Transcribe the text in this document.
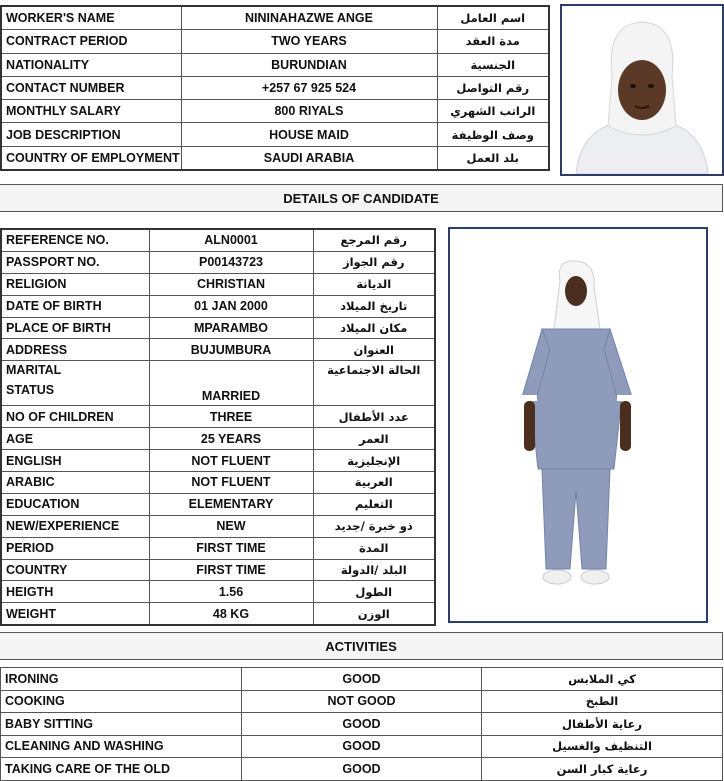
WORKER'S NAME	NININAHAZWE ANGE	اسم العامل
CONTRACT PERIOD	TWO YEARS	مدة العقد
NATIONALITY	BURUNDIAN	الجنسية
CONTACT NUMBER	+257 67 925 524	رقم التواصل
MONTHLY SALARY	800 RIYALS	الراتب الشهري
JOB DESCRIPTION	HOUSE MAID	وصف الوظيفة
COUNTRY OF EMPLOYMENT	SAUDI ARABIA	بلد العمل
DETAILS OF CANDIDATE
REFERENCE NO.	ALN0001	رقم المرجع
PASSPORT NO.	P00143723	رقم الجواز
RELIGION	CHRISTIAN	الديانة
DATE OF BIRTH	01 JAN 2000	تاريخ الميلاد
PLACE OF BIRTH	MPARAMBO	مكان الميلاد
ADDRESS	BUJUMBURA	العنوان

MARITAL
STATUS	MARRIED	الحالة الاجتماعية
NO OF CHILDREN	THREE	عدد الأطفال
AGE	25 YEARS	العمر
ENGLISH	NOT FLUENT	الإنجليزية
ARABIC	NOT FLUENT	العربية
EDUCATION	ELEMENTARY	التعليم
NEW/EXPERIENCE	NEW	ذو خبرة /جديد
PERIOD	FIRST TIME	المدة
COUNTRY	FIRST TIME	البلد /الدولة
HEIGTH	1.56	الطول
WEIGHT	48 KG	الوزن
ACTIVITIES
IRONING	GOOD	كي الملابس
COOKING	NOT GOOD	الطبخ
BABY SITTING	GOOD	رعاية الأطفال
CLEANING AND WASHING	GOOD	التنظيف والغسيل
TAKING CARE OF THE OLD	GOOD	رعاية كبار السن
